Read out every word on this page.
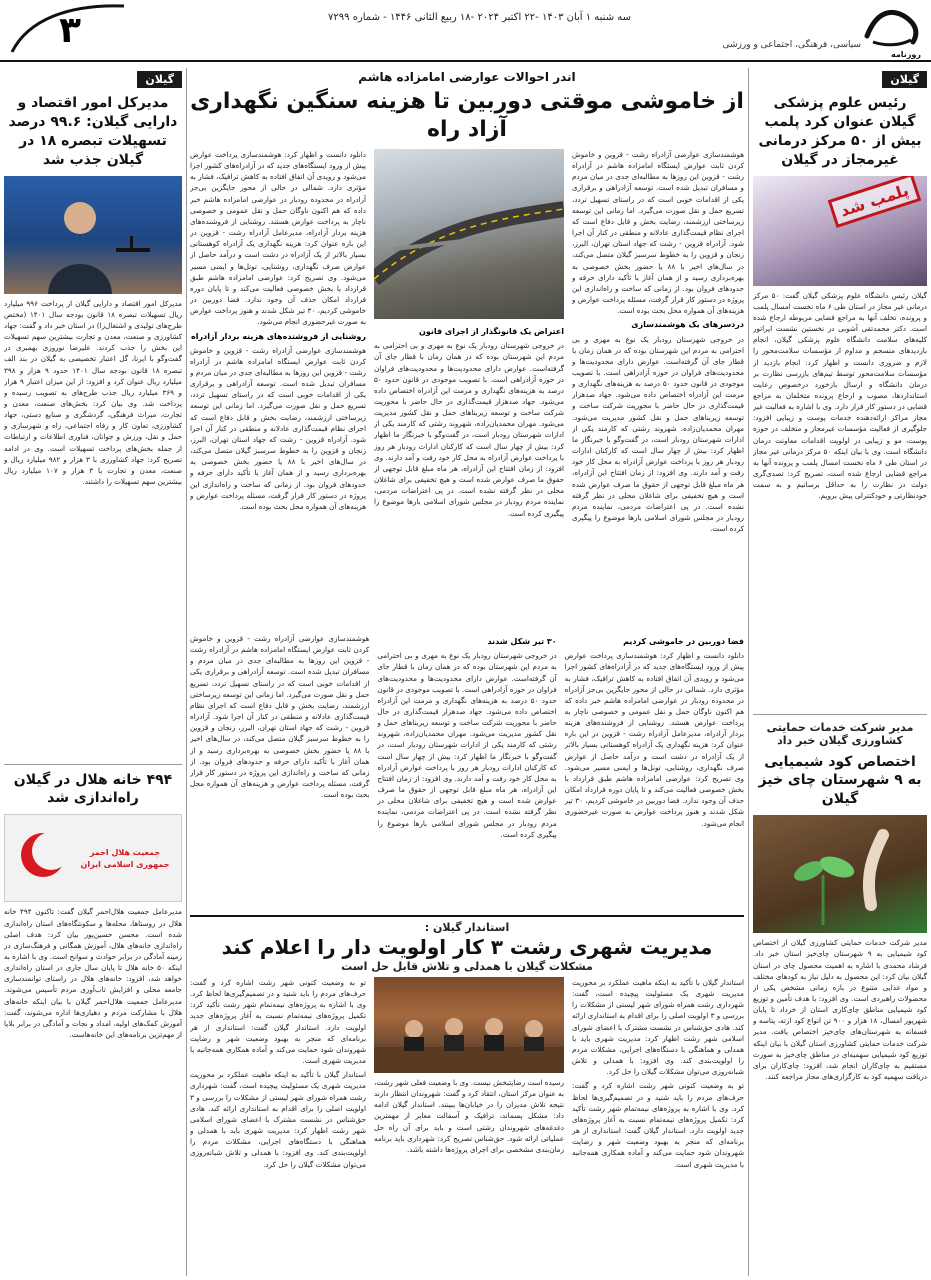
روزنامه
سیاسی، فرهنگی، اجتماعی و ورزشی
سه شنبه ۱ آبان ۱۴۰۳ -۲۲ اکتبر ۲۰۲۴ -۱۸ ربیع الثانی ۱۴۴۶ - شماره ۷۲۹۹
۳
گیلان
رئیس علوم پزشکی گیلان عنوان کرد پلمب بیش از ۵۰ مرکز درمانی غیرمجاز در گیلان
پلمب شد

گیلان رئیس دانشگاه علوم پزشکی گیلان گفت: ۵۰ مرکز درمانی غیر مجاز در استان طی ۶ ماه نخست امسال پلمب و پرونده، تخلف آنها به مراجع قضایی مربوطه ارجاع شده است. دکتر محمدتقی آشوبی در نخستین نشست اپراتور کلیه‌های سلامت دانشگاه علوم پزشکی گیلان، انجام بازدیدهای منسجم و مداوم از مؤسسات سلامت‌محور را لازم و ضروری دانست و اظهار کرد: انجام بازدید از مؤسسات سلامت‌محور توسط تیم‌های بازرسی نظارت بر درمان دانشگاه و ارسال بازخورد درخصوص رعایت استانداردها، مصوب و ارجاع پرونده متخلفان به مراجع قضایی در دستور کار قرار دارد. وی با اشاره به فعالیت غیر مجاز مراکز ارائه‌دهنده خدمات پوست و زیبایی افزود: جلوگیری از فعالیت مؤسسات غیرمجاز و متخلف در حوزه پوست، مو و زیبایی در اولویت اقدامات معاونت درمان دانشگاه است. وی با بیان اینکه ۵۰ مرکز درمانی غیر مجاز در استان طی ۶ ماه نخست امسال پلمب و پرونده آنها به مراجع قضایی ارجاع شده است، تصریح کرد: تصدی‌گری دولت در نظارت را به حداقل برسانیم و به سمت خودنظارتی و خودکنترلی پیش برویم.

مدیر شرکت خدمات حمایتی کشاورزی گیلان خبر داد
اختصاص کود شیمیایی به ۹ شهرستان چای خیز گیلان

مدیر شرکت خدمات حمایتی کشاورزی گیلان از اختصاص کود شیمیایی به ۹ شهرستان چای‌خیز استان خبر داد. فرشاد محمدی با اشاره به اهمیت محصول چای در استان گیلان بیان کرد: این محصول به دلیل نیاز به کودهای مختلف و مواد غذایی متنوع در بازه زمانی مشخص یکی از محصولات راهبردی است. وی افزود: با هدف تأمین و توزیع کود شیمیایی مناطق چای‌کاری استان از خرداد تا پایان شهریور امسال، ۱۸ هزار و ۹۰۰ تن انواع کود ازته، پتاسه و فسفاته به شهرستان‌های چای‌خیز اختصاص یافت. مدیر شرکت خدمات حمایتی کشاورزی استان گیلان با بیان اینکه توزیع کود شیمیایی سهمیه‌ای در مناطق چای‌خیز به صورت مستقیم به چای‌کاران انجام شد، افزود: چای‌کاران برای دریافت سهمیه کود به کارگزاری‌های مجاز مراجعه کنند.

گیلان
مدیرکل امور اقتصاد و دارایی گیلان: ۹۹.۶ درصد تسهیلات تبصره ۱۸ در گیلان جذب شد

مدیرکل امور اقتصاد و دارایی گیلان از پرداخت ۹۹۶ میلیارد ریال تسهیلات تبصره ۱۸ قانون بودجه سال ۱۴۰۱ (مختص طرح‌های تولیدی و اشتغال‌زا) در استان خبر داد و گفت: جهاد کشاورزی و صنعت، معدن و تجارت بیشترین سهم تسهیلات این بخش را جذب کردند. علیرضا نوروزی بهمبری در گفت‌وگو با ایرنا، گل اعتبار تخصیصی به گیلان در بند الف تبصره ۱۸ قانون بودجه سال ۱۴۰۱ حدود ۹ هزار و ۳۹۸ میلیارد ریال عنوان کرد و افزود: از این میزان اعتبار ۹ هزار و ۳۶۹ میلیارد ریال جذب طرح‌های به تصویب رسیده و پرداخت شد. وی بیان کرد: بخش‌های صنعت، معدن و تجارت، میراث فرهنگی، گردشگری و صنایع دستی، جهاد کشاورزی، تعاون کار و رفاه اجتماعی، راه و شهرسازی و حمل و نقل، ورزش و جوانان، فناوری اطلاعات و ارتباطات از جمله بخش‌های پرداخت تسهیلات است. وی در ادامه تصریح کرد: جهاد کشاورزی با ۳ هزار و ۹۸۲ میلیارد ریال و صنعت، معدن و تجارت با ۳ هزار و ۱۰۷ میلیارد ریال بیشترین سهم تسهیلات را داشتند.

۴۹۴ خانه هلال در گیلان راه‌اندازی شد
جمعیت هلال احمر جمهوری اسلامی ایران

مدیرعامل جمعیت هلال‌احمر گیلان گفت: تاکنون ۴۹۴ خانه هلال در روستاها، محله‌ها و سکونتگاه‌های استان راه‌اندازی شده است. محسن حسین‌پور بیان کرد: هدف اصلی راه‌اندازی خانه‌های هلال، آموزش همگانی و فرهنگ‌سازی در زمینه آمادگی در برابر حوادث و سوانح است. وی با اشاره به اینکه ۵۰ خانه هلال تا پایان سال جاری در استان راه‌اندازی خواهد شد، افزود: خانه‌های هلال در راستای توانمندسازی جامعه محلی و افزایش تاب‌آوری مردم تأسیس می‌شوند. مدیرعامل جمعیت هلال‌احمر گیلان با بیان اینکه خانه‌های هلال با مشارکت مردم و دهیاری‌ها اداره می‌شوند، گفت: آموزش کمک‌های اولیه، امداد و نجات و آمادگی در برابر بلایا از مهم‌ترین برنامه‌های این خانه‌هاست.

اندر احوالات عوارضی امامزاده هاشم
از خاموشی موقتی دوربین تا هزینه سنگین نگهداری آزاد راه

هوشمندسازی عوارضی آزادراه رشت - قزوین و خاموش کردن ثابت عوارض ایستگاه امامزاده هاشم در آزادراه رشت - قزوین این روزها به مطالبه‌ای جدی در میان مردم و مسافران تبدیل شده است. توسعه آزادراهی و برقراری یکی از اقدامات خوبی است که در راستای تسهیل تردد، تسریع حمل و نقل صورت می‌گیرد. اما زمانی این توسعه زیرساختی ارزشمند، رضایت بخش و قابل دفاع است که اجرای نظام قیمت‌گذاری عادلانه و منطقی در کنار آن اجرا شود. آزادراه قزوین - رشت که جهاد استان تهران، البرز، زنجان و قزوین را به خطوط سرسبز گیلان متصل می‌کند، در سال‌های اخیر با ۸۸ یا حضور بخش خصوصی به بهره‌برداری رسید و از همان آغاز با تأکید دارای حرفه و حدودهای فروان بود. از زمانی که ساخت و راه‌اندازی این پروژه در دستور کار قرار گرفت، مسئله پرداخت عوارض و هزینه‌های آن همواره محل بحث بوده است.

دردسرهای یک هوشمندسازی

در خروجی شهرستان رودبار یک نوع به مهری و بی احترامی به مردم این شهرستان بوده که در همان زمان با قطار جای آن گرفته‌است. عوارض دارای محدودیت‌ها و محدودیت‌های فراوان در حوزه آزادراهی است. با تصویب موجودی در قانون حدود ۵۰ درصد به هزینه‌های نگهداری و مرمت این آزادراه اختصاص داده می‌شود. جهاد صدهزار قیمت‌گذاری در حال حاضر با محوریت شرکت ساخت و توسعه زیربناهای حمل و نقل کشور مدیریت می‌شود. مهران محمدیان‌زاده، شهروند رشتی که کارمند یکی از ادارات شهرستان رودبار است، در گفت‌وگو با خبرنگار ما اظهار کرد: بیش از چهار سال است که کارکنان ادارات رودبار هر روز با پرداخت عوارض آزادراه به محل کار خود رفت و آمد دارند. وی افزود: از زمان افتتاح این آزادراه، هر ماه مبلغ قابل توجهی از حقوق ما صرف عوارض شده است و هیچ تخفیفی برای شاغلان محلی در نظر گرفته نشده است. در پی اعتراضات مردمی، نماینده مردم رودبار در مجلس شورای اسلامی بارها موضوع را پیگیری کرده است.

اعتراض یک قانونگذار از اجرای قانون

در خروجی شهرستان رودبار یک نوع به مهری و بی احترامی به مردم این شهرستان بوده که در همان زمان با قطار جای آن گرفته‌است. عوارض دارای محدودیت‌ها و محدودیت‌های فراوان در حوزه آزادراهی است. با تصویب موجودی در قانون حدود ۵۰ درصد به هزینه‌های نگهداری و مرمت این آزادراه اختصاص داده می‌شود. جهاد صدهزار قیمت‌گذاری در حال حاضر با محوریت شرکت ساخت و توسعه زیربناهای حمل و نقل کشور مدیریت می‌شود. مهران محمدیان‌زاده، شهروند رشتی که کارمند یکی از ادارات شهرستان رودبار است، در گفت‌وگو با خبرنگار ما اظهار کرد: بیش از چهار سال است که کارکنان ادارات رودبار هر روز با پرداخت عوارض آزادراه به محل کار خود رفت و آمد دارند. وی افزود: از زمان افتتاح این آزادراه، هر ماه مبلغ قابل توجهی از حقوق ما صرف عوارض شده است و هیچ تخفیفی برای شاغلان محلی در نظر گرفته نشده است. در پی اعتراضات مردمی، نماینده مردم رودبار در مجلس شورای اسلامی بارها موضوع را پیگیری کرده است.

دانلود دانست و اظهار کرد: هوشمندسازی پرداخت عوارض پیش از ورود ایستگاه‌های جدید که در آزادراه‌های کشور اجرا می‌شود و رویدی آن اتفاق افتاده به کاهش ترافیک، فشار به مؤثری دارد. شمالی در حالی از محور جایگزین بی‌جز آزادراه در محدوده رودبار در عوارضی امامزاده هاشم خبر داده که هم اکنون ناوگان حمل و نقل عمومی و خصوصی ناچار به پرداخت عوارض هستند. روشنایی از فروشنده‌های هزینه بردار آزادراه، مدیرعامل آزادراه رشت - قزوین در این باره عنوان کرد: هزینه نگهداری یک آزادراه کوهستانی بسیار بالاتر از یک آزادراه در دشت است و درآمد حاصل از عوارض صرف نگهداری، روشنایی، تونل‌ها و ایمنی مسیر می‌شود. وی تصریح کرد: عوارضی امامزاده هاشم طبق قرارداد با بخش خصوصی فعالیت می‌کند و تا پایان دوره قرارداد امکان حذف آن وجود ندارد. فضا دوربین در خاموشی کردیم، ۳۰ تیر شکل شدند و هنوز پرداخت عوارض به صورت غیرحضوری انجام می‌شود.

روشنایی از فروشنده‌های هزینه بردار آزادراه

هوشمندسازی عوارضی آزادراه رشت - قزوین و خاموش کردن ثابت عوارض ایستگاه امامزاده هاشم در آزادراه رشت - قزوین این روزها به مطالبه‌ای جدی در میان مردم و مسافران تبدیل شده است. توسعه آزادراهی و برقراری یکی از اقدامات خوبی است که در راستای تسهیل تردد، تسریع حمل و نقل صورت می‌گیرد. اما زمانی این توسعه زیرساختی ارزشمند، رضایت بخش و قابل دفاع است که اجرای نظام قیمت‌گذاری عادلانه و منطقی در کنار آن اجرا شود. آزادراه قزوین - رشت که جهاد استان تهران، البرز، زنجان و قزوین را به خطوط سرسبز گیلان متصل می‌کند، در سال‌های اخیر با ۸۸ یا حضور بخش خصوصی به بهره‌برداری رسید و از همان آغاز با تأکید دارای حرفه و حدودهای فروان بود. از زمانی که ساخت و راه‌اندازی این پروژه در دستور کار قرار گرفت، مسئله پرداخت عوارض و هزینه‌های آن همواره محل بحث بوده است.

فضا دوربین در خاموشی کردیم

دانلود دانست و اظهار کرد: هوشمندسازی پرداخت عوارض پیش از ورود ایستگاه‌های جدید که در آزادراه‌های کشور اجرا می‌شود و رویدی آن اتفاق افتاده به کاهش ترافیک، فشار به مؤثری دارد. شمالی در حالی از محور جایگزین بی‌جز آزادراه در محدوده رودبار در عوارضی امامزاده هاشم خبر داده که هم اکنون ناوگان حمل و نقل عمومی و خصوصی ناچار به پرداخت عوارض هستند. روشنایی از فروشنده‌های هزینه بردار آزادراه، مدیرعامل آزادراه رشت - قزوین در این باره عنوان کرد: هزینه نگهداری یک آزادراه کوهستانی بسیار بالاتر از یک آزادراه در دشت است و درآمد حاصل از عوارض صرف نگهداری، روشنایی، تونل‌ها و ایمنی مسیر می‌شود. وی تصریح کرد: عوارضی امامزاده هاشم طبق قرارداد با بخش خصوصی فعالیت می‌کند و تا پایان دوره قرارداد امکان حذف آن وجود ندارد. فضا دوربین در خاموشی کردیم، ۳۰ تیر شکل شدند و هنوز پرداخت عوارض به صورت غیرحضوری انجام می‌شود.

۳۰ تیر شکل شدند

در خروجی شهرستان رودبار یک نوع به مهری و بی احترامی به مردم این شهرستان بوده که در همان زمان با قطار جای آن گرفته‌است. عوارض دارای محدودیت‌ها و محدودیت‌های فراوان در حوزه آزادراهی است. با تصویب موجودی در قانون حدود ۵۰ درصد به هزینه‌های نگهداری و مرمت این آزادراه اختصاص داده می‌شود. جهاد صدهزار قیمت‌گذاری در حال حاضر با محوریت شرکت ساخت و توسعه زیربناهای حمل و نقل کشور مدیریت می‌شود. مهران محمدیان‌زاده، شهروند رشتی که کارمند یکی از ادارات شهرستان رودبار است، در گفت‌وگو با خبرنگار ما اظهار کرد: بیش از چهار سال است که کارکنان ادارات رودبار هر روز با پرداخت عوارض آزادراه به محل کار خود رفت و آمد دارند. وی افزود: از زمان افتتاح این آزادراه، هر ماه مبلغ قابل توجهی از حقوق ما صرف عوارض شده است و هیچ تخفیفی برای شاغلان محلی در نظر گرفته نشده است. در پی اعتراضات مردمی، نماینده مردم رودبار در مجلس شورای اسلامی بارها موضوع را پیگیری کرده است.

هوشمندسازی عوارضی آزادراه رشت - قزوین و خاموش کردن ثابت عوارض ایستگاه امامزاده هاشم در آزادراه رشت - قزوین این روزها به مطالبه‌ای جدی در میان مردم و مسافران تبدیل شده است. توسعه آزادراهی و برقراری یکی از اقدامات خوبی است که در راستای تسهیل تردد، تسریع حمل و نقل صورت می‌گیرد. اما زمانی این توسعه زیرساختی ارزشمند، رضایت بخش و قابل دفاع است که اجرای نظام قیمت‌گذاری عادلانه و منطقی در کنار آن اجرا شود. آزادراه قزوین - رشت که جهاد استان تهران، البرز، زنجان و قزوین را به خطوط سرسبز گیلان متصل می‌کند، در سال‌های اخیر با ۸۸ یا حضور بخش خصوصی به بهره‌برداری رسید و از همان آغاز با تأکید دارای حرفه و حدودهای فروان بود. از زمانی که ساخت و راه‌اندازی این پروژه در دستور کار قرار گرفت، مسئله پرداخت عوارض و هزینه‌های آن همواره محل بحث بوده است.

استاندار گیلان :
مدیریت شهری رشت ۳ کار اولویت دار را اعلام کند
مشکلات گیلان با همدلی و تلاش قابل حل است

استاندار گیلان با تأکید به اینکه ماهیت عملکرد بر محوریت مدیریت شهری یک مسئولیت پیچیده است، گفت: شهرداری رشت همراه شورای شهر لیستی از مشکلات را بررسی و ۳ اولویت اصلی را برای اقدام به استانداری ارائه کند. هادی حق‌شناس در نشست مشترک با اعضای شورای اسلامی شهر رشت اظهار کرد: مدیریت شهری باید با همدلی و هماهنگی با دستگاه‌های اجرایی، مشکلات مردم را اولویت‌بندی کند. وی افزود: با همدلی و تلاش شبانه‌روزی می‌توان مشکلات گیلان را حل کرد.

تو به وضعیت کنونی شهر رشت اشاره کرد و گفت: حرف‌های مردم را باید شنید و در تصمیم‌گیری‌ها لحاظ کرد. وی با اشاره به پروژه‌های نیمه‌تمام شهر رشت تأکید کرد: تکمیل پروژه‌های نیمه‌تمام نسبت به آغاز پروژه‌های جدید اولویت دارد. استاندار گیلان گفت: استانداری از هر برنامه‌ای که منجر به بهبود وضعیت شهر و رضایت شهروندان شود حمایت می‌کند و آماده همکاری همه‌جانبه با مدیریت شهری است.

رسیده است رضایتبخش نیست. وی با وضعیت فعلی شهر رشت، به عنوان مرکز استان، انتقاد کرد و گفت: شهروندان انتظار دارند نتیجه تلاش مدیران را در خیابان‌ها ببینند. استاندار گیلان ادامه داد: مشکل پسماند، ترافیک و آسفالت معابر از مهمترین دغدغه‌های شهروندان رشتی است و باید برای آن راه حل عملیاتی ارائه شود. حق‌شناس تصریح کرد: شهرداری باید برنامه زمان‌بندی مشخصی برای اجرای پروژه‌ها داشته باشد.

تو به وضعیت کنونی شهر رشت اشاره کرد و گفت: حرف‌های مردم را باید شنید و در تصمیم‌گیری‌ها لحاظ کرد. وی با اشاره به پروژه‌های نیمه‌تمام شهر رشت تأکید کرد: تکمیل پروژه‌های نیمه‌تمام نسبت به آغاز پروژه‌های جدید اولویت دارد. استاندار گیلان گفت: استانداری از هر برنامه‌ای که منجر به بهبود وضعیت شهر و رضایت شهروندان شود حمایت می‌کند و آماده همکاری همه‌جانبه با مدیریت شهری است.

استاندار گیلان با تأکید به اینکه ماهیت عملکرد بر محوریت مدیریت شهری یک مسئولیت پیچیده است، گفت: شهرداری رشت همراه شورای شهر لیستی از مشکلات را بررسی و ۳ اولویت اصلی را برای اقدام به استانداری ارائه کند. هادی حق‌شناس در نشست مشترک با اعضای شورای اسلامی شهر رشت اظهار کرد: مدیریت شهری باید با همدلی و هماهنگی با دستگاه‌های اجرایی، مشکلات مردم را اولویت‌بندی کند. وی افزود: با همدلی و تلاش شبانه‌روزی می‌توان مشکلات گیلان را حل کرد.
